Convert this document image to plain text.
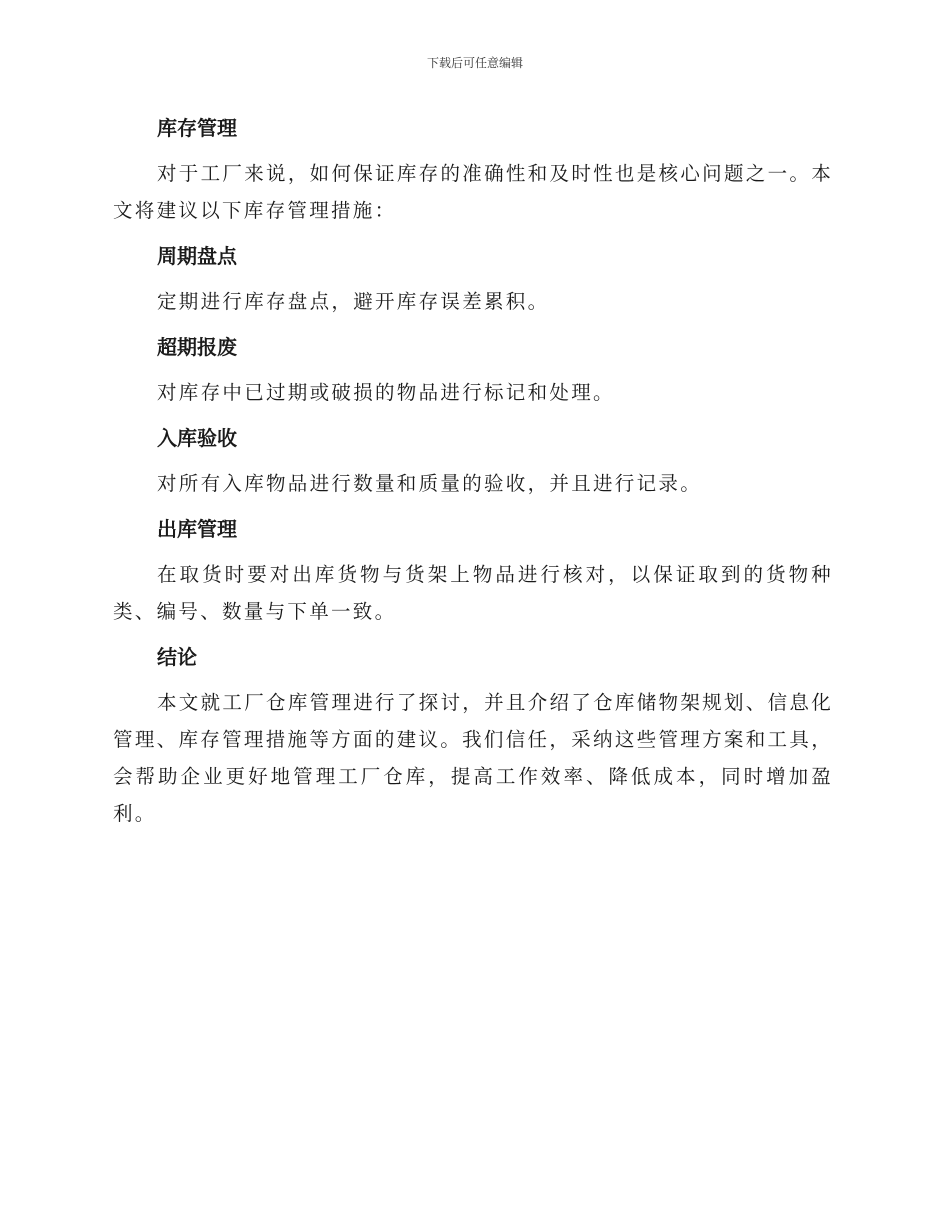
下载后可任意编辑
库存管理
对于工厂来说，如何保证库存的准确性和及时性也是核心问题之一。本文将建议以下库存管理措施：
周期盘点
定期进行库存盘点，避开库存误差累积。
超期报废
对库存中已过期或破损的物品进行标记和处理。
入库验收
对所有入库物品进行数量和质量的验收，并且进行记录。
出库管理
在取货时要对出库货物与货架上物品进行核对，以保证取到的货物种类、编号、数量与下单一致。
结论
本文就工厂仓库管理进行了探讨，并且介绍了仓库储物架规划、信息化管理、库存管理措施等方面的建议。我们信任，采纳这些管理方案和工具，会帮助企业更好地管理工厂仓库，提高工作效率、降低成本，同时增加盈利。
